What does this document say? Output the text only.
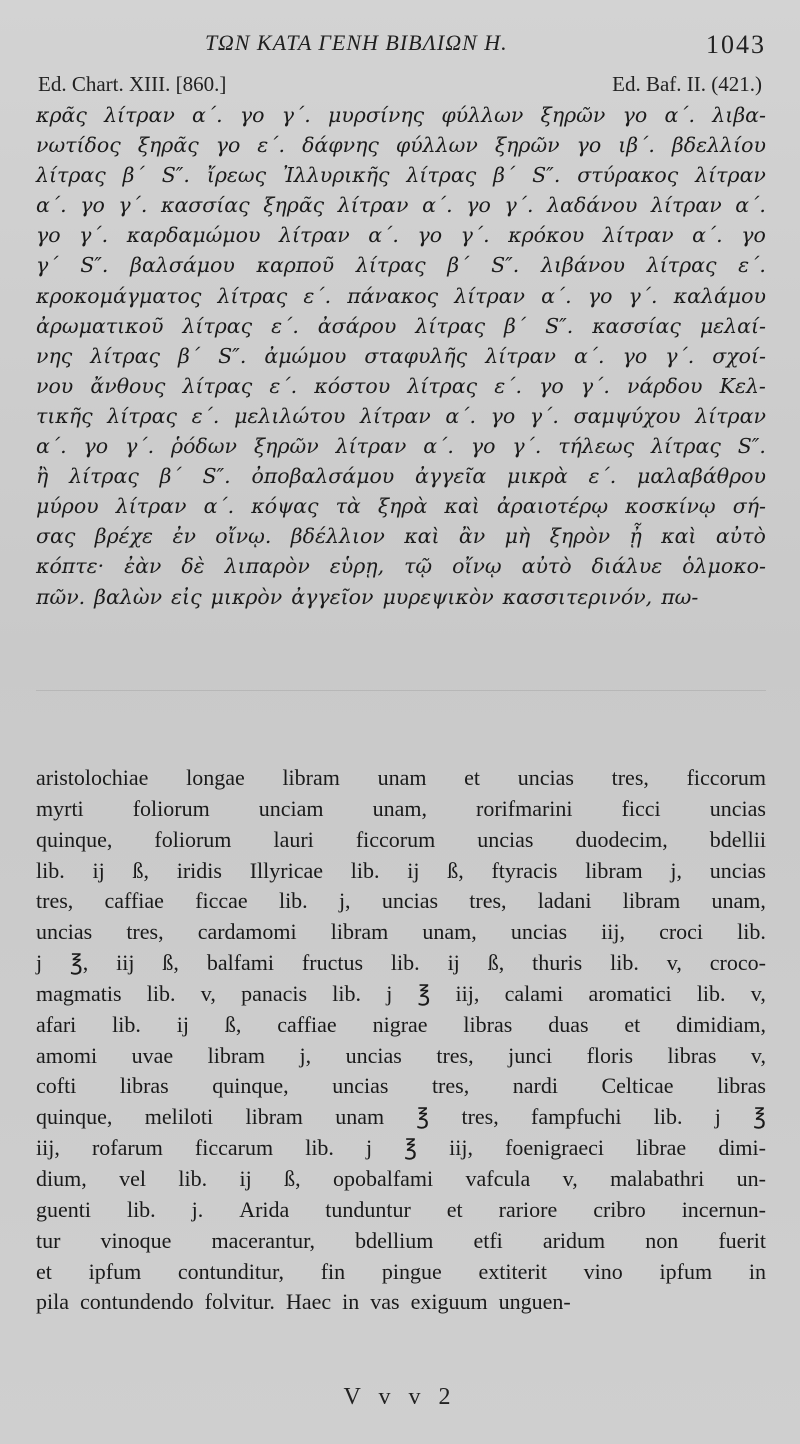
ΤΩΝ ΚΑΤΑ ΓΕΝΗ ΒΙΒΛΙΩΝ Η.	1043
Ed. Chart. XIII. [860.]	Ed. Baf. II. (421.)
κρᾶς λίτραν α΄. γο γ΄. μυρσίνης φύλλων ξηρῶν γο α΄. λιβα-
νωτίδος ξηρᾶς γο ε΄. δάφνης φύλλων ξηρῶν γο ιβ΄. βδελλίου
λίτρας β΄ S″. ἴρεως Ἰλλυρικῆς λίτρας β΄ S″. στύρακος λίτραν
α΄. γο γ΄. κασσίας ξηρᾶς λίτραν α΄. γο γ΄. λαδάνου λίτραν α΄.
γο γ΄. καρδαμώμου λίτραν α΄. γο γ΄. κρόκου λίτραν α΄. γο
γ΄ S″. βαλσάμου καρποῦ λίτρας β΄ S″. λιβάνου λίτρας ε΄.
κροκομάγματος λίτρας ε΄. πάνακος λίτραν α΄. γο γ΄. καλάμου
ἀρωματικοῦ λίτρας ε΄. ἀσάρου λίτρας β΄ S″. κασσίας μελαί-
νης λίτρας β΄ S″. ἀμώμου σταφυλῆς λίτραν α΄. γο γ΄. σχοί-
νου ἄνθους λίτρας ε΄. κόστου λίτρας ε΄. γο γ΄. νάρδου Κελ-
τικῆς λίτρας ε΄. μελιλώτου λίτραν α΄. γο γ΄. σαμψύχου λίτραν
α΄. γο γ΄. ῥόδων ξηρῶν λίτραν α΄. γο γ΄. τήλεως λίτρας S″.
ἢ λίτρας β΄ S″. ὀποβαλσάμου ἀγγεῖα μικρὰ ε΄. μαλαβάθρου
μύρου λίτραν α΄. κόψας τὰ ξηρὰ καὶ ἀραιοτέρῳ κοσκίνῳ σή-
σας βρέχε ἐν οἴνῳ. βδέλλιον καὶ ἂν μὴ ξηρὸν ᾖ καὶ αὐτὸ
κόπτε· ἐὰν δὲ λιπαρὸν εὑρῃ, τῷ οἴνῳ αὐτὸ διάλυε ὁλμοκο-
πῶν. βαλὼν εἰς μικρὸν ἀγγεῖον μυρεψικὸν κασσιτερινόν, πω-
aristolochiae longae libram unam et uncias tres, ficcorum
myrti foliorum unciam unam, rorifmarini ficci uncias
quinque, foliorum lauri ficcorum uncias duodecim, bdellii
lib. ij ß, iridis Illyricae lib. ij ß, ftyracis libram j, uncias
tres, caffiae ficcae lib. j, uncias tres, ladani libram unam,
uncias tres, cardamomi libram unam, uncias iij, croci lib.
j ℥, iij ß, balfami fructus lib. ij ß, thuris lib. v, croco-
magmatis lib. v, panacis lib. j ℥ iij, calami aromatici lib. v,
afari lib. ij ß, caffiae nigrae libras duas et dimidiam,
amomi uvae libram j, uncias tres, junci floris libras v,
cofti libras quinque, uncias tres, nardi Celticae libras
quinque, meliloti libram unam ℥ tres, fampfuchi lib. j ℥
iij, rofarum ficcarum lib. j ℥ iij, foenigraeci librae dimi-
dium, vel lib. ij ß, opobalfami vafcula v, malabathri un-
guenti lib. j. Arida tunduntur et rariore cribro incernun-
tur vinoque macerantur, bdellium etfi aridum non fuerit
et ipfum contunditur, fin pingue extiterit vino ipfum in
pila contundendo folvitur. Haec in vas exiguum unguen-
V v v 2
